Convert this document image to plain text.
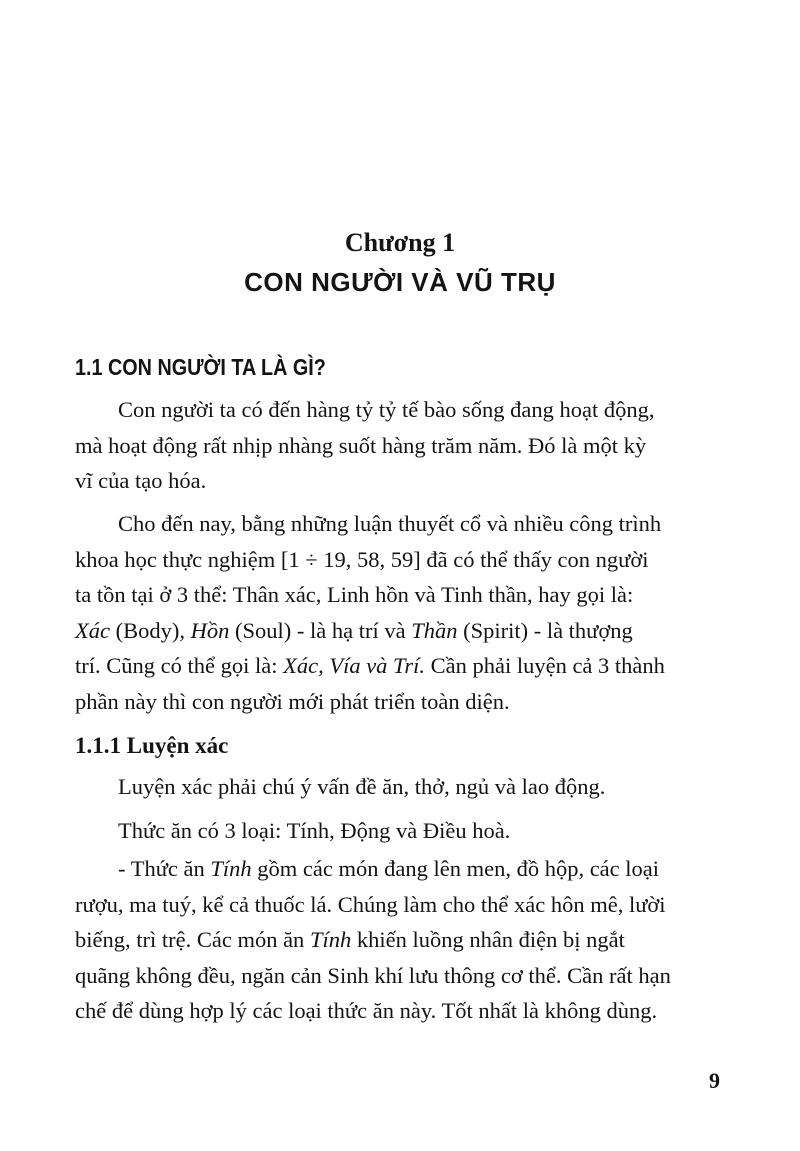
Chương 1
CON NGƯỜI VÀ VŨ TRỤ
1.1 CON NGƯỜI TA LÀ GÌ?
Con người ta có đến hàng tỷ tỷ tế bào sống đang hoạt động,
mà hoạt động rất nhịp nhàng suốt hàng trăm năm. Đó là một kỳ
vĩ của tạo hóa.
Cho đến nay, bằng những luận thuyết cổ và nhiều công trình
khoa học thực nghiệm [1 ÷ 19, 58, 59] đã có thể thấy con người
ta tồn tại ở 3 thể: Thân xác, Linh hồn và Tinh thần, hay gọi là:
Xác (Body), Hồn (Soul) - là hạ trí và Thần (Spirit) - là thượng
trí. Cũng có thể gọi là: Xác, Vía và Trí. Cần phải luyện cả 3 thành
phần này thì con người mới phát triển toàn diện.
1.1.1 Luyện xác
Luyện xác phải chú ý vấn đề ăn, thở, ngủ và lao động.
Thức ăn có 3 loại: Tính, Động và Điều hoà.
- Thức ăn Tính gồm các món đang lên men, đồ hộp, các loại
rượu, ma tuý, kể cả thuốc lá. Chúng làm cho thể xác hôn mê, lười
biếng, trì trệ. Các món ăn Tính khiến luồng nhân điện bị ngắt
quãng không đều, ngăn cản Sinh khí lưu thông cơ thể. Cần rất hạn
chế để dùng hợp lý các loại thức ăn này. Tốt nhất là không dùng.
9
